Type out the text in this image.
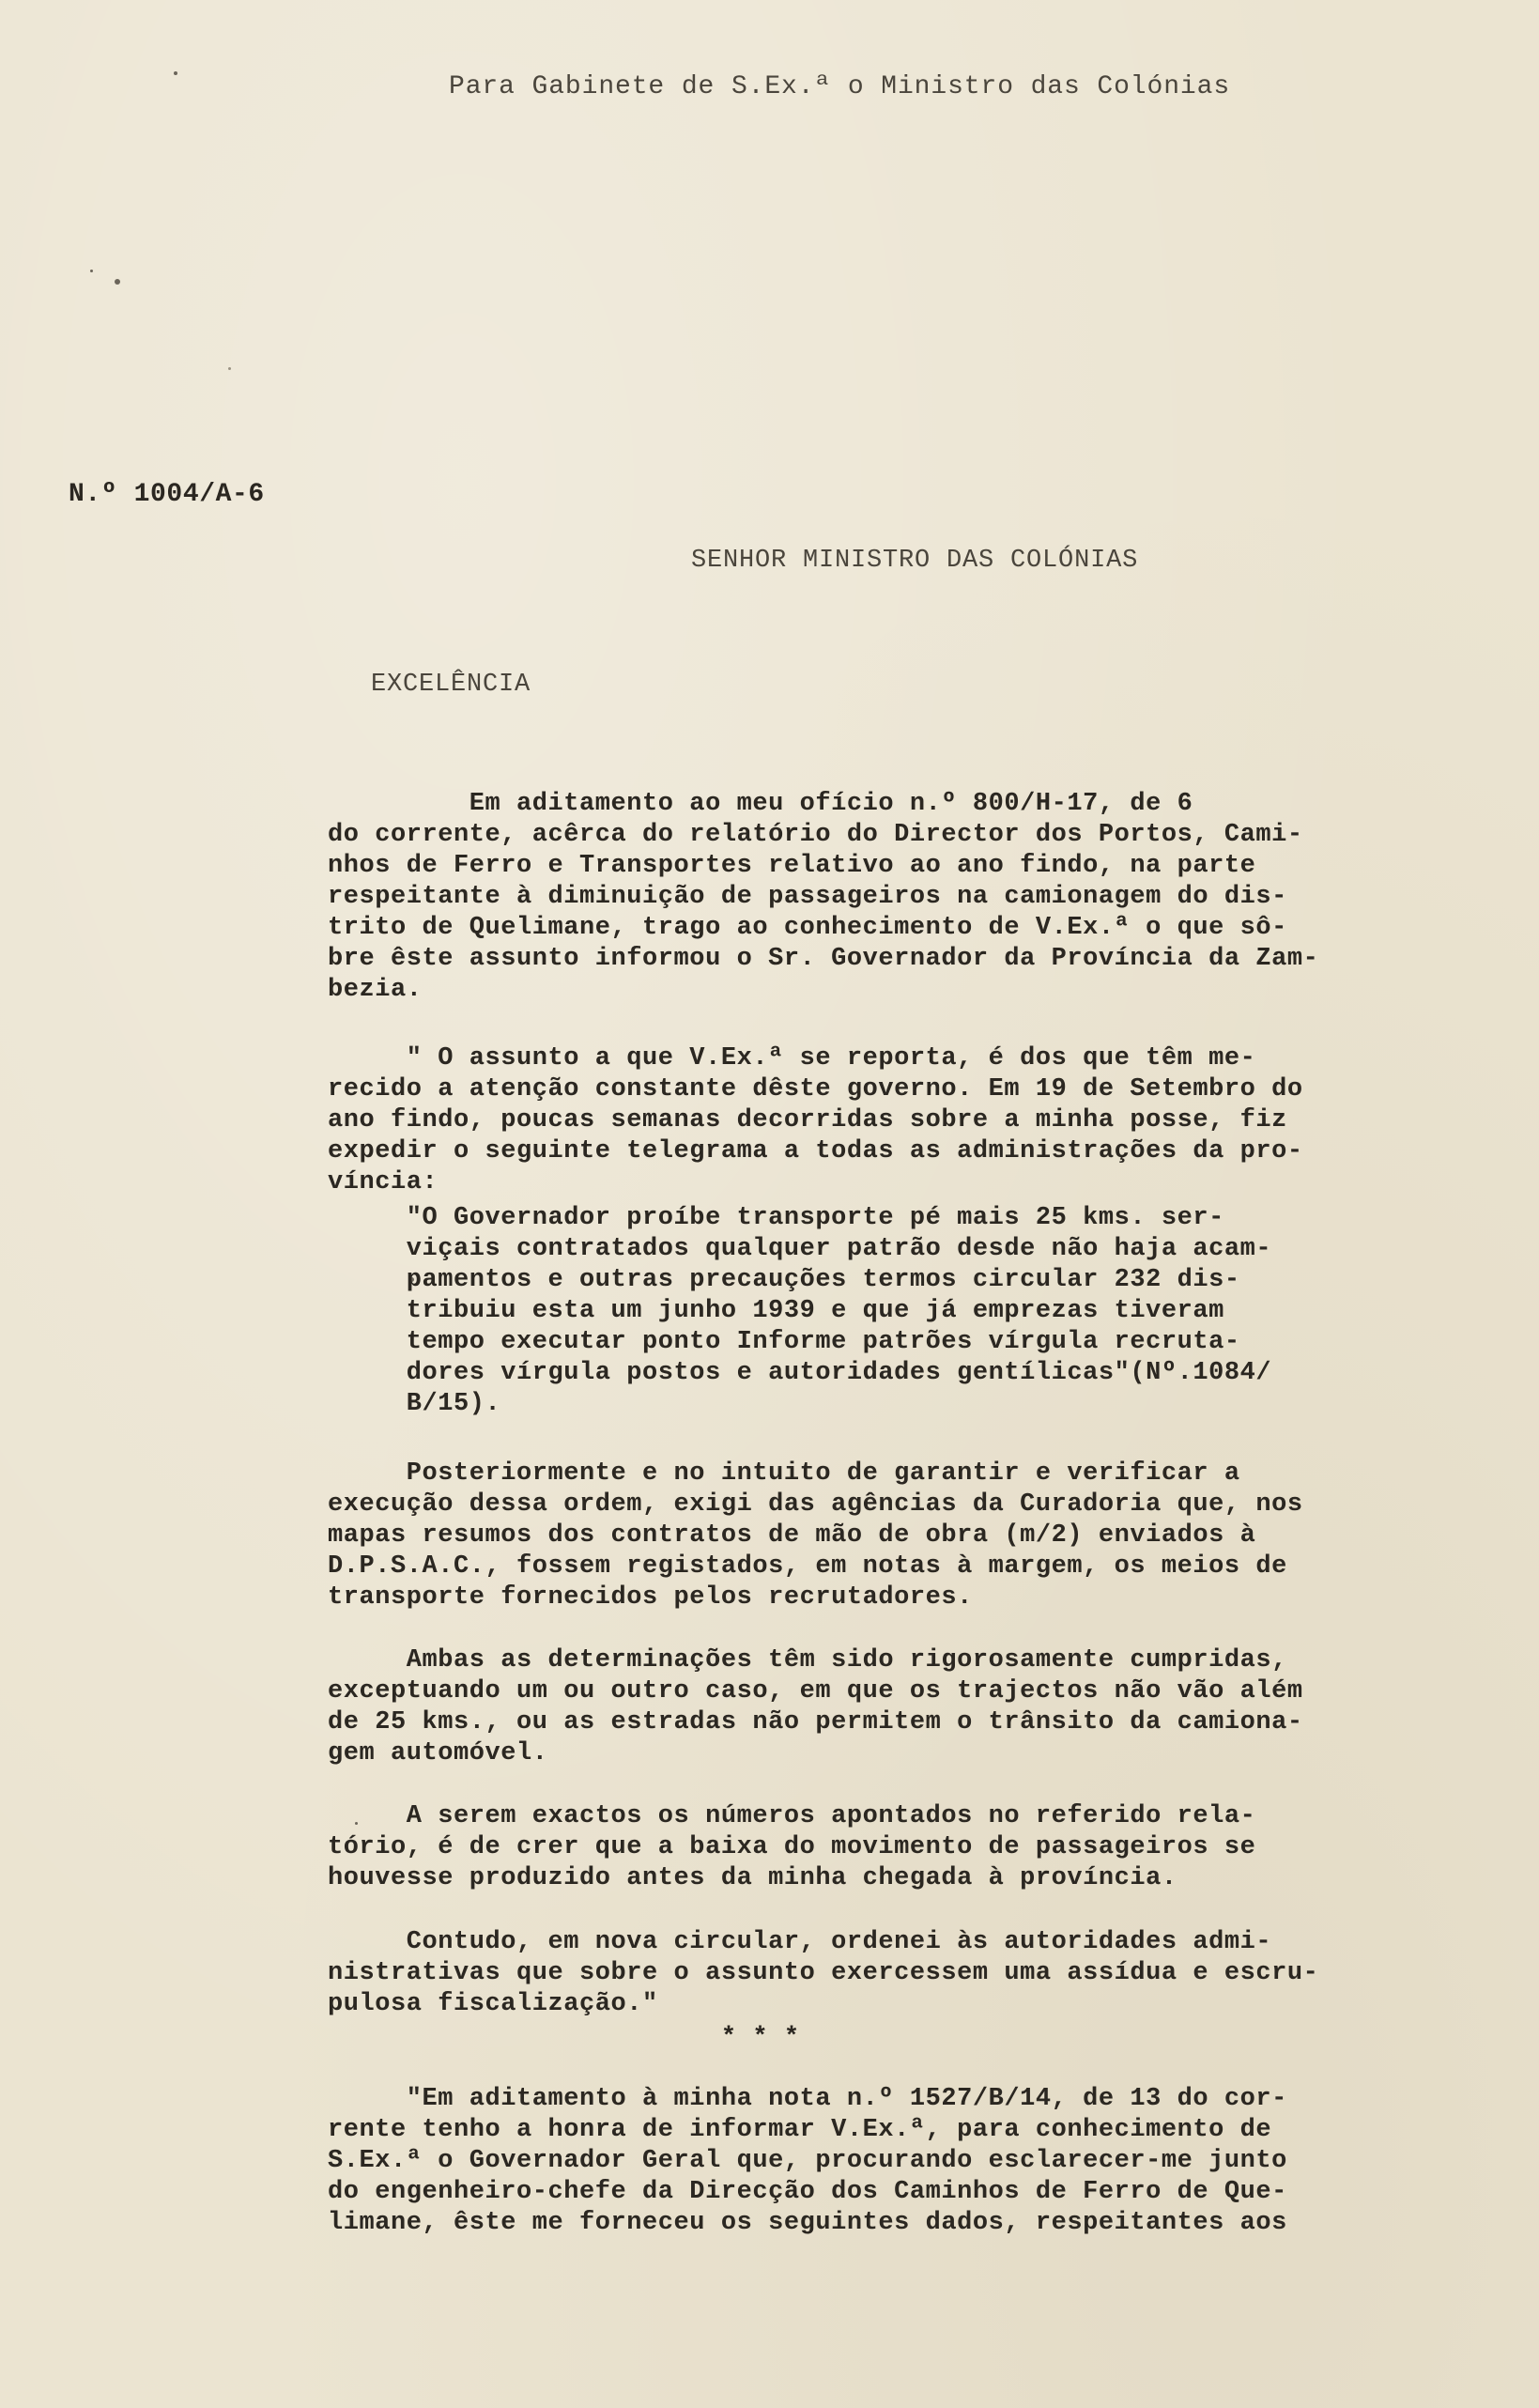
Para Gabinete de S.Ex.ª o Ministro das Colónias
N.º 1004/A-6
SENHOR MINISTRO DAS COLÓNIAS
EXCELÊNCIA
Em aditamento ao meu ofício n.º 800/H-17, de 6
do corrente, acêrca do relatório do Director dos Portos, Cami-
nhos de Ferro e Transportes relativo ao ano findo, na parte
respeitante à diminuição de passageiros na camionagem do dis-
trito de Quelimane, trago ao conhecimento de V.Ex.ª o que sô-
bre êste assunto informou o Sr. Governador da Província da Zam-
bezia.
" O assunto a que V.Ex.ª se reporta, é dos que têm me-
recido a atenção constante dêste governo. Em 19 de Setembro do
ano findo, poucas semanas decorridas sobre a minha posse, fiz
expedir o seguinte telegrama a todas as administrações da pro-
víncia:
"O Governador proíbe transporte pé mais 25 kms. ser-
viçais contratados qualquer patrão desde não haja acam-
pamentos e outras precauções termos circular 232 dis-
tribuiu esta um junho 1939 e que já emprezas tiveram
tempo executar ponto Informe patrões vírgula recruta-
dores vírgula postos e autoridades gentílicas"(Nº.1084/
B/15).
Posteriormente e no intuito de garantir e verificar a
execução dessa ordem, exigi das agências da Curadoria que, nos
mapas resumos dos contratos de mão de obra (m/2) enviados à
D.P.S.A.C., fossem registados, em notas à margem, os meios de
transporte fornecidos pelos recrutadores.
Ambas as determinações têm sido rigorosamente cumpridas,
exceptuando um ou outro caso, em que os trajectos não vão além
de 25 kms., ou as estradas não permitem o trânsito da camiona-
gem automóvel.
A serem exactos os números apontados no referido rela-
tório, é de crer que a baixa do movimento de passageiros se
houvesse produzido antes da minha chegada à província.
Contudo, em nova circular, ordenei às autoridades admi-
nistrativas que sobre o assunto exercessem uma assídua e escru-
pulosa fiscalização."
* * *
"Em aditamento à minha nota n.º 1527/B/14, de 13 do cor-
rente tenho a honra de informar V.Ex.ª, para conhecimento de
S.Ex.ª o Governador Geral que, procurando esclarecer-me junto
do engenheiro-chefe da Direcção dos Caminhos de Ferro de Que-
limane, êste me forneceu os seguintes dados, respeitantes aos
